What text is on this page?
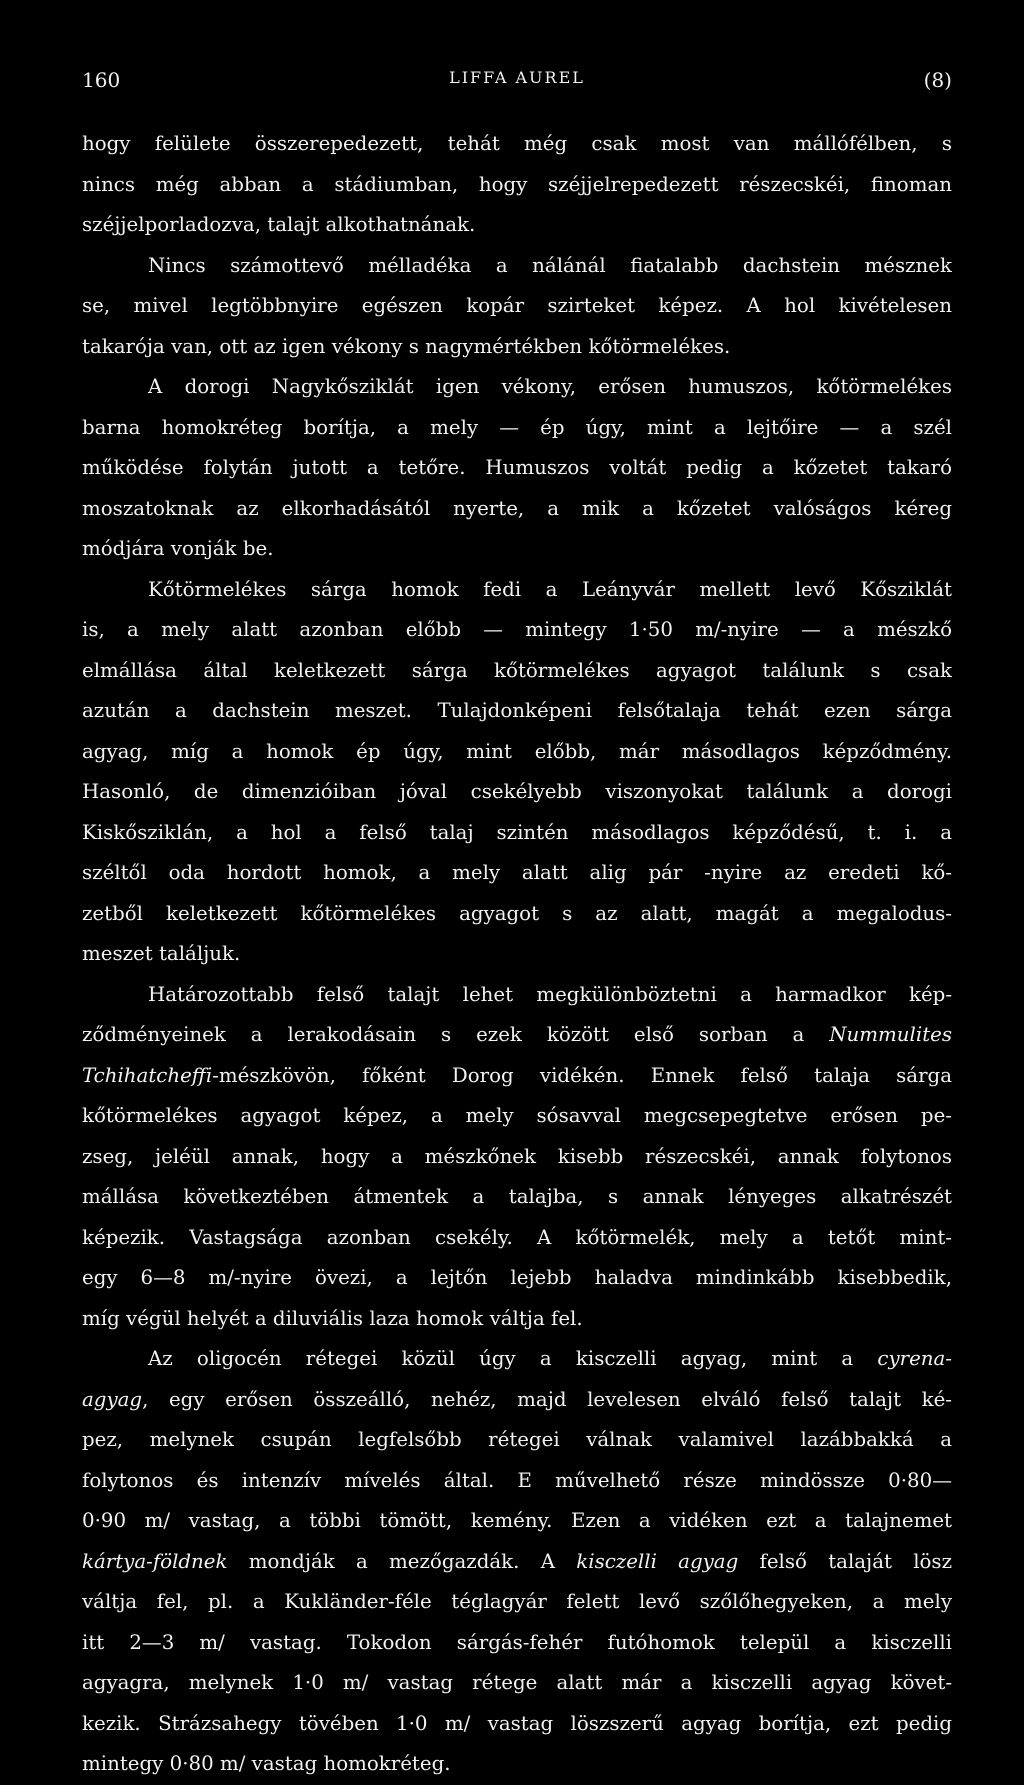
160	LIFFA AUREL	(8)
hogy felülete összerepedezett, tehát még csak most van mállófélben, s
nincs még abban a stádiumban, hogy széjjelrepedezett részecskéi, finoman
széjjelporladozva, talajt alkothatnának.
Nincs számottevő mélladéka a nálánál fiatalabb dachstein mésznek
se, mivel legtöbbnyire egészen kopár szirteket képez. A hol kivételesen
takarója van, ott az igen vékony s nagymértékben kőtörmelékes.
A dorogi Nagykősziklát igen vékony, erősen humuszos, kőtörmelékes
barna homokréteg borítja, a mely — ép úgy, mint a lejtőire — a szél
működése folytán jutott a tetőre. Humuszos voltát pedig a kőzetet takaró
moszatoknak az elkorhadásától nyerte, a mik a kőzetet valóságos kéreg
módjára vonják be.
Kőtörmelékes sárga homok fedi a Leányvár mellett levő Kősziklát
is, a mely alatt azonban előbb — mintegy 1·50 m/-nyire — a mészkő
elmállása által keletkezett sárga kőtörmelékes agyagot találunk s csak
azután a dachstein meszet. Tulajdonképeni felsőtalaja tehát ezen sárga
agyag, míg a homok ép úgy, mint előbb, már másodlagos képződmény.
Hasonló, de dimenzióiban jóval csekélyebb viszonyokat találunk a dorogi
Kiskősziklán, a hol a felső talaj szintén másodlagos képződésű, t. i. a
széltől oda hordott homok, a mely alatt alig pár -nyire az eredeti kő-
zetből keletkezett kőtörmelékes agyagot s az alatt, magát a megalodus-
meszet találjuk.
Határozottabb felső talajt lehet megkülönböztetni a harmadkor kép-
ződményeinek a lerakodásain s ezek között első sorban a Nummulites
Tchihatcheffi-mészkövön, főként Dorog vidékén. Ennek felső talaja sárga
kőtörmelékes agyagot képez, a mely sósavval megcsepegtetve erősen pe-
zseg, jeléül annak, hogy a mészkőnek kisebb részecskéi, annak folytonos
mállása következtében átmentek a talajba, s annak lényeges alkatrészét
képezik. Vastagsága azonban csekély. A kőtörmelék, mely a tetőt mint-
egy 6—8 m/-nyire övezi, a lejtőn lejebb haladva mindinkább kisebbedik,
míg végül helyét a diluviális laza homok váltja fel.
Az oligocén rétegei közül úgy a kisczelli agyag, mint a cyrena-
agyag, egy erősen összeálló, nehéz, majd levelesen elváló felső talajt ké-
pez, melynek csupán legfelsőbb rétegei válnak valamivel lazábbakká a
folytonos és intenzív mívelés által. E művelhető része mindössze 0·80—
0·90 m/ vastag, a többi tömött, kemény. Ezen a vidéken ezt a talajnemet
kártya-földnek mondják a mezőgazdák. A kisczelli agyag felső talaját lösz
váltja fel, pl. a Kukländer-féle téglagyár felett levő szőlőhegyeken, a mely
itt 2—3 m/ vastag. Tokodon sárgás-fehér futóhomok települ a kisczelli
agyagra, melynek 1·0 m/ vastag rétege alatt már a kisczelli agyag követ-
kezik. Strázsahegy tövében 1·0 m/ vastag löszszerű agyag borítja, ezt pedig
mintegy 0·80 m/ vastag homokréteg.
